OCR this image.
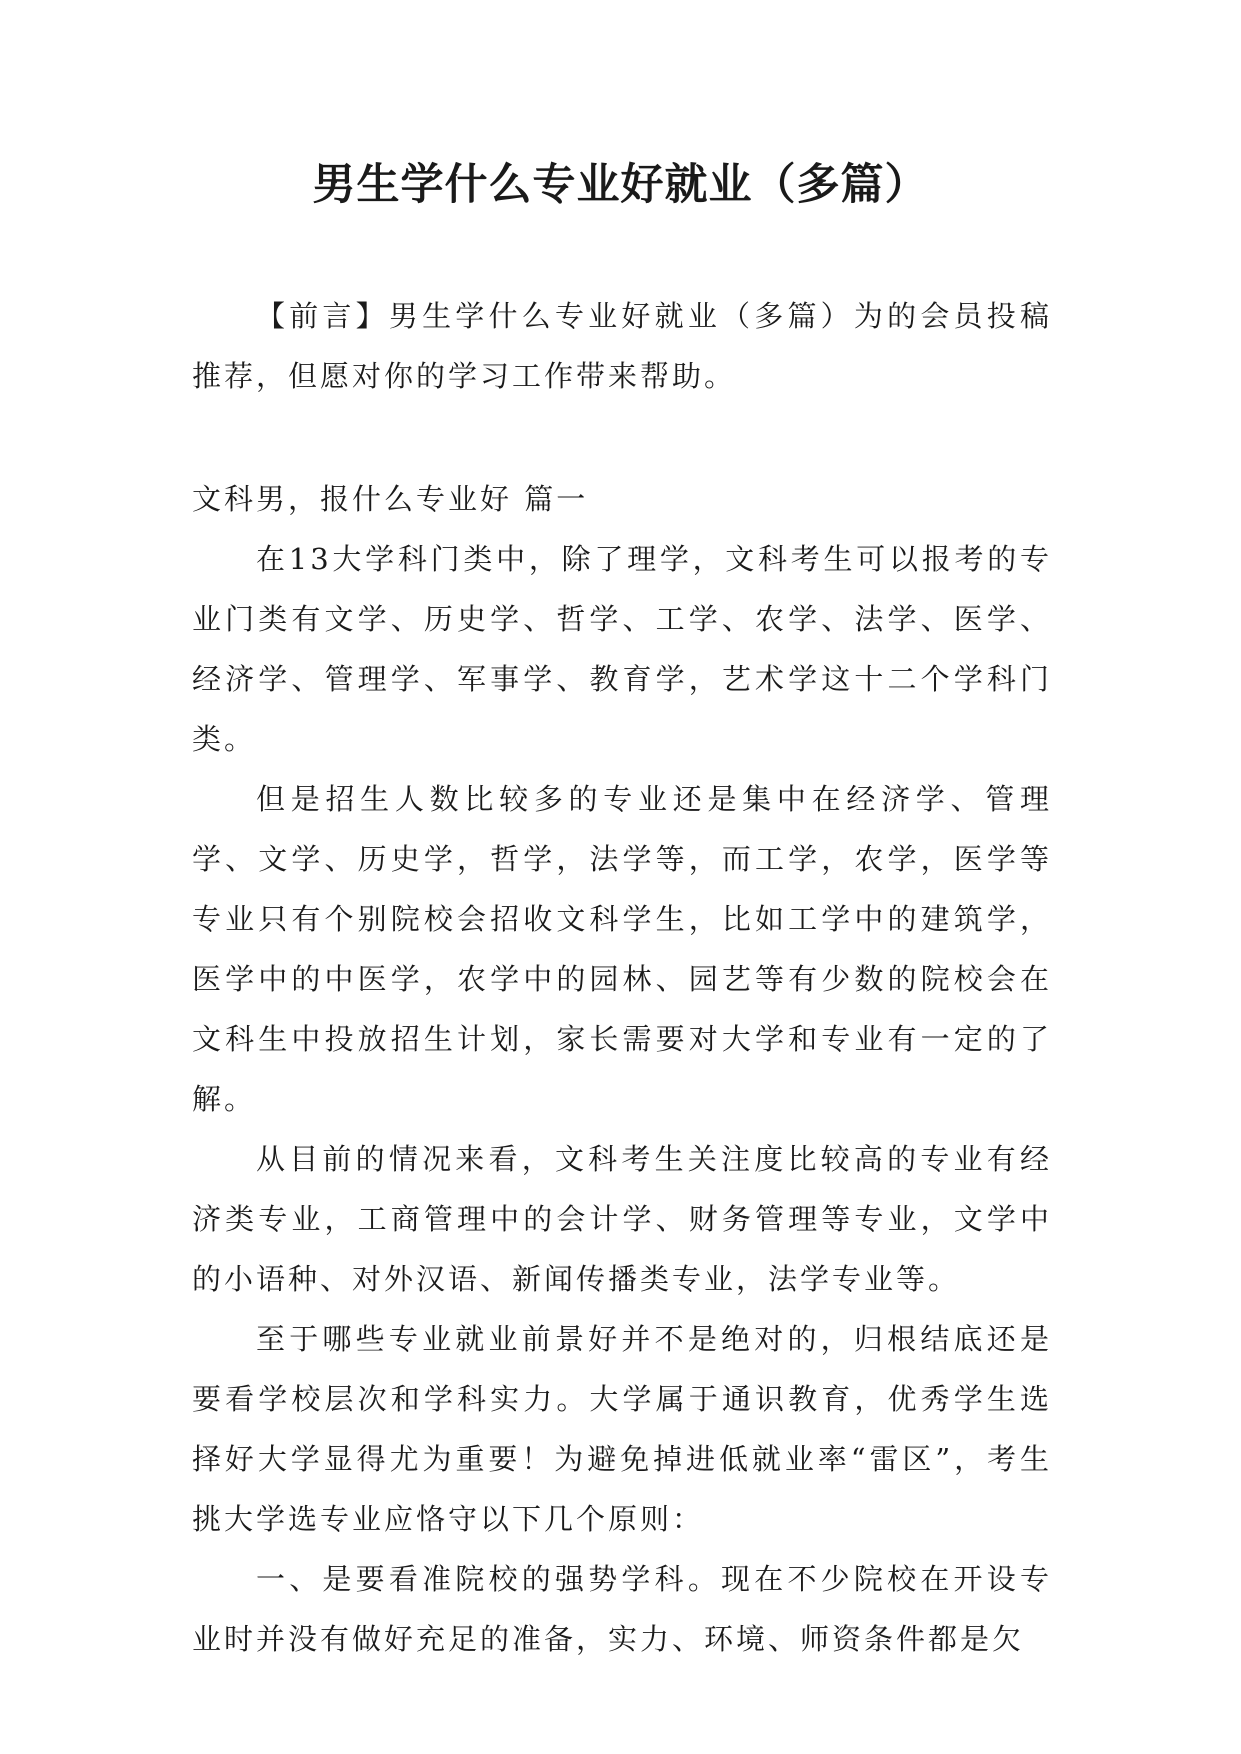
男生学什么专业好就业（多篇）

【前言】男生学什么专业好就业（多篇）为的会员投稿推荐，但愿对你的学习工作带来帮助。

文科男，报什么专业好 篇一

在13大学科门类中，除了理学，文科考生可以报考的专业门类有文学、历史学、哲学、工学、农学、法学、医学、经济学、管理学、军事学、教育学，艺术学这十二个学科门类。

但是招生人数比较多的专业还是集中在经济学、管理学、文学、历史学，哲学，法学等，而工学，农学，医学等专业只有个别院校会招收文科学生，比如工学中的建筑学，医学中的中医学，农学中的园林、园艺等有少数的院校会在文科生中投放招生计划，家长需要对大学和专业有一定的了解。

从目前的情况来看，文科考生关注度比较高的专业有经济类专业，工商管理中的会计学、财务管理等专业，文学中的小语种、对外汉语、新闻传播类专业，法学专业等。

至于哪些专业就业前景好并不是绝对的，归根结底还是要看学校层次和学科实力。大学属于通识教育，优秀学生选择好大学显得尤为重要！为避免掉进低就业率“雷区”，考生挑大学选专业应恪守以下几个原则：

一、是要看准院校的强势学科。现在不少院校在开设专业时并没有做好充足的准备，实力、环境、师资条件都是欠
